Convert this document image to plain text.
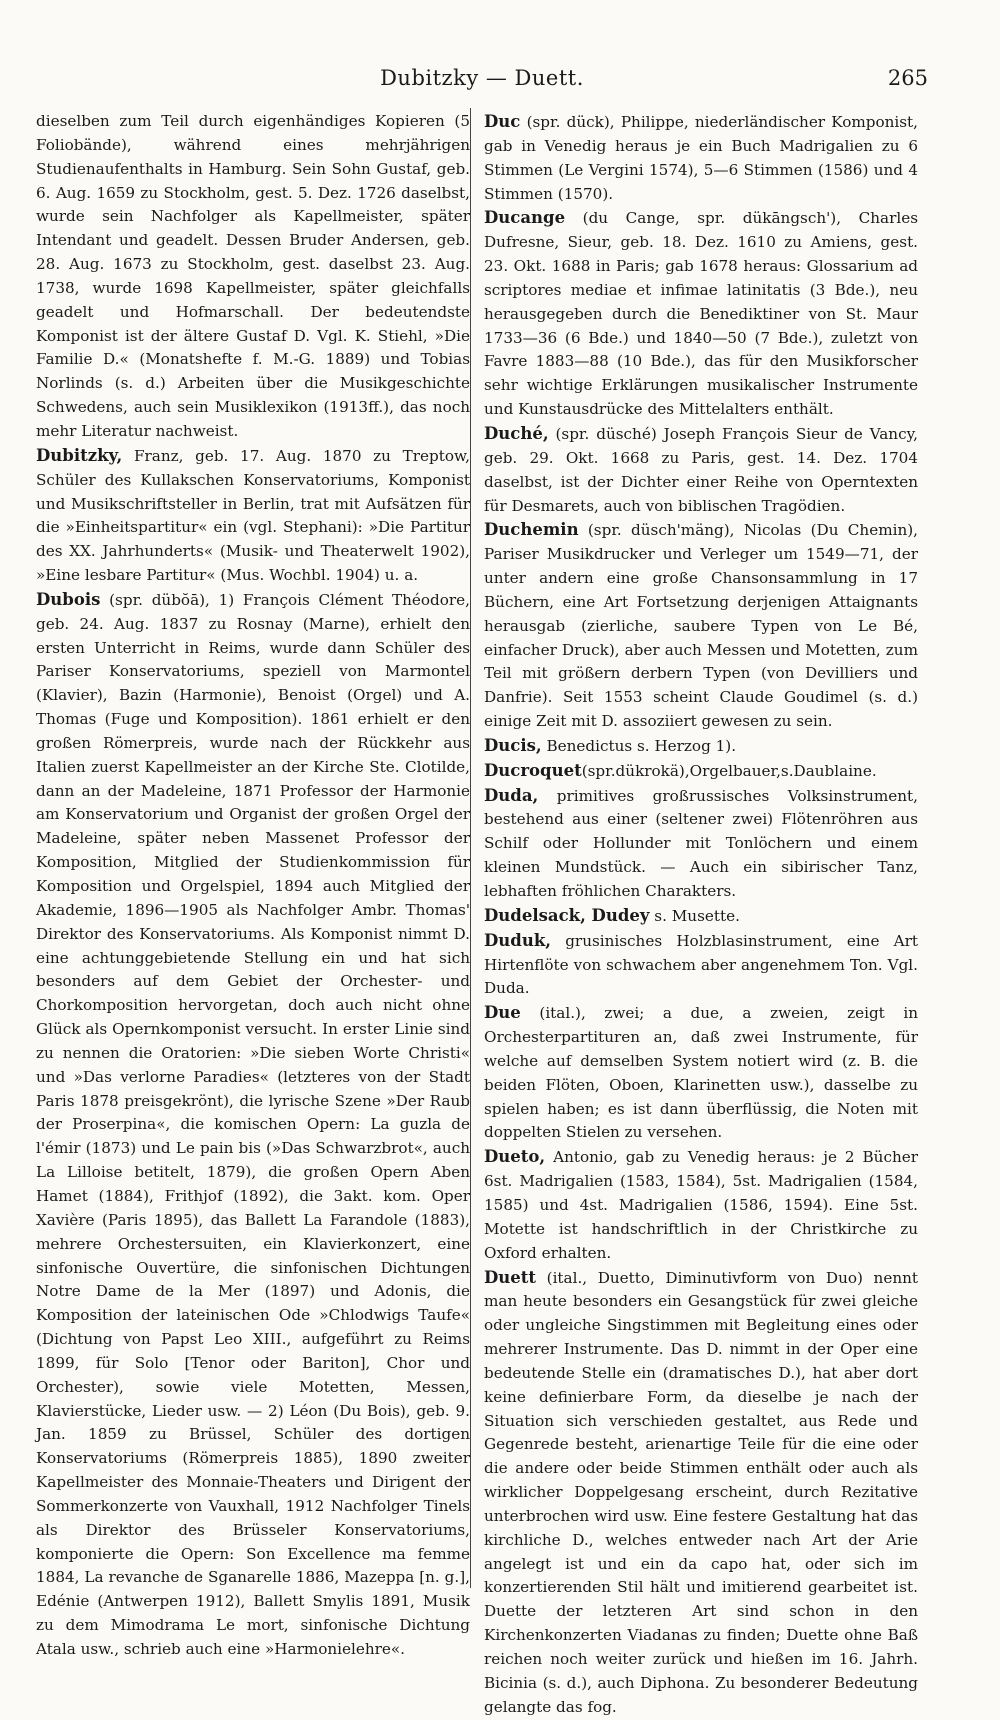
Dubitzky — Duett.	265

dieselben zum Teil durch eigenhändiges Kopieren (5 Foliobände), während eines mehrjährigen Studienaufenthalts in Hamburg. Sein Sohn Gustaf, geb. 6. Aug. 1659 zu Stockholm, gest. 5. Dez. 1726 daselbst, wurde sein Nachfolger als Kapellmeister, später Intendant und geadelt. Dessen Bruder Andersen, geb. 28. Aug. 1673 zu Stockholm, gest. daselbst 23. Aug. 1738, wurde 1698 Kapellmeister, später gleichfalls geadelt und Hofmarschall. Der bedeutendste Komponist ist der ältere Gustaf D. Vgl. K. Stiehl, »Die Familie D.« (Monatshefte f. M.-G. 1889) und Tobias Norlinds (s. d.) Arbeiten über die Musikgeschichte Schwedens, auch sein Musiklexikon (1913ff.), das noch mehr Literatur nachweist.

Dubitzky, Franz, geb. 17. Aug. 1870 zu Treptow, Schüler des Kullakschen Konservatoriums, Komponist und Musikschriftsteller in Berlin, trat mit Aufsätzen für die »Einheitspartitur« ein (vgl. Stephani): »Die Partitur des XX. Jahrhunderts« (Musik- und Theaterwelt 1902), »Eine lesbare Partitur« (Mus. Wochbl. 1904) u. a.

Dubois (spr. dübŏā), 1) François Clément Théodore, geb. 24. Aug. 1837 zu Rosnay (Marne), erhielt den ersten Unterricht in Reims, wurde dann Schüler des Pariser Konservatoriums, speziell von Marmontel (Klavier), Bazin (Harmonie), Benoist (Orgel) und A. Thomas (Fuge und Komposition). 1861 erhielt er den großen Römerpreis, wurde nach der Rückkehr aus Italien zuerst Kapellmeister an der Kirche Ste. Clotilde, dann an der Madeleine, 1871 Professor der Harmonie am Konservatorium und Organist der großen Orgel der Madeleine, später neben Massenet Professor der Komposition, Mitglied der Studienkommission für Komposition und Orgelspiel, 1894 auch Mitglied der Akademie, 1896—1905 als Nachfolger Ambr. Thomas' Direktor des Konservatoriums. Als Komponist nimmt D. eine achtunggebietende Stellung ein und hat sich besonders auf dem Gebiet der Orchester- und Chorkomposition hervorgetan, doch auch nicht ohne Glück als Opernkomponist versucht. In erster Linie sind zu nennen die Oratorien: »Die sieben Worte Christi« und »Das verlorne Paradies« (letzteres von der Stadt Paris 1878 preisgekrönt), die lyrische Szene »Der Raub der Proserpina«, die komischen Opern: La guzla de l'émir (1873) und Le pain bis (»Das Schwarzbrot«, auch La Lilloise betitelt, 1879), die großen Opern Aben Hamet (1884), Frithjof (1892), die 3akt. kom. Oper Xavière (Paris 1895), das Ballett La Farandole (1883), mehrere Orchestersuiten, ein Klavierkonzert, eine sinfonische Ouvertüre, die sinfonischen Dichtungen Notre Dame de la Mer (1897) und Adonis, die Komposition der lateinischen Ode »Chlodwigs Taufe« (Dichtung von Papst Leo XIII., aufgeführt zu Reims 1899, für Solo [Tenor oder Bariton], Chor und Orchester), sowie viele Motetten, Messen, Klavierstücke, Lieder usw. — 2) Léon (Du Bois), geb. 9. Jan. 1859 zu Brüssel, Schüler des dortigen Konservatoriums (Römerpreis 1885), 1890 zweiter Kapellmeister des Monnaie-Theaters und Dirigent der Sommerkonzerte von Vauxhall, 1912 Nachfolger Tinels als Direktor des Brüsseler Konservatoriums, komponierte die Opern: Son Excellence ma femme 1884, La revanche de Sganarelle 1886, Mazeppa [n. g.], Edénie (Antwerpen 1912), Ballett Smylis 1891, Musik zu dem Mimodrama Le mort, sinfonische Dichtung Atala usw., schrieb auch eine »Harmonielehre«.

Duc (spr. dück), Philippe, niederländischer Komponist, gab in Venedig heraus je ein Buch Madrigalien zu 6 Stimmen (Le Vergini 1574), 5—6 Stimmen (1586) und 4 Stimmen (1570).

Ducange (du Cange, spr. dükāngsch'), Charles Dufresne, Sieur, geb. 18. Dez. 1610 zu Amiens, gest. 23. Okt. 1688 in Paris; gab 1678 heraus: Glossarium ad scriptores mediae et infimae latinitatis (3 Bde.), neu herausgegeben durch die Benediktiner von St. Maur 1733—36 (6 Bde.) und 1840—50 (7 Bde.), zuletzt von Favre 1883—88 (10 Bde.), das für den Musikforscher sehr wichtige Erklärungen musikalischer Instrumente und Kunstausdrücke des Mittelalters enthält.

Duché, (spr. düsché) Joseph François Sieur de Vancy, geb. 29. Okt. 1668 zu Paris, gest. 14. Dez. 1704 daselbst, ist der Dichter einer Reihe von Operntexten für Desmarets, auch von biblischen Tragödien.

Duchemin (spr. düsch'mäng), Nicolas (Du Chemin), Pariser Musikdrucker und Verleger um 1549—71, der unter andern eine große Chansonsammlung in 17 Büchern, eine Art Fortsetzung derjenigen Attaignants herausgab (zierliche, saubere Typen von Le Bé, einfacher Druck), aber auch Messen und Motetten, zum Teil mit größern derbern Typen (von Devilliers und Danfrie). Seit 1553 scheint Claude Goudimel (s. d.) einige Zeit mit D. assoziiert gewesen zu sein.

Ducis, Benedictus s. Herzog 1).

Ducroquet(spr.dükrokä),Orgelbauer,s.Daublaine.

Duda, primitives großrussisches Volksinstrument, bestehend aus einer (seltener zwei) Flötenröhren aus Schilf oder Hollunder mit Tonlöchern und einem kleinen Mundstück. — Auch ein sibirischer Tanz, lebhaften fröhlichen Charakters.

Dudelsack, Dudey s. Musette.

Duduk, grusinisches Holzblasinstrument, eine Art Hirtenflöte von schwachem aber angenehmem Ton. Vgl. Duda.

Due (ital.), zwei; a due, a zweien, zeigt in Orchesterpartituren an, daß zwei Instrumente, für welche auf demselben System notiert wird (z. B. die beiden Flöten, Oboen, Klarinetten usw.), dasselbe zu spielen haben; es ist dann überflüssig, die Noten mit doppelten Stielen zu versehen.

Dueto, Antonio, gab zu Venedig heraus: je 2 Bücher 6st. Madrigalien (1583, 1584), 5st. Madrigalien (1584, 1585) und 4st. Madrigalien (1586, 1594). Eine 5st. Motette ist handschriftlich in der Christkirche zu Oxford erhalten.

Duett (ital., Duetto, Diminutivform von Duo) nennt man heute besonders ein Gesangstück für zwei gleiche oder ungleiche Singstimmen mit Begleitung eines oder mehrerer Instrumente. Das D. nimmt in der Oper eine bedeutende Stelle ein (dramatisches D.), hat aber dort keine definierbare Form, da dieselbe je nach der Situation sich verschieden gestaltet, aus Rede und Gegenrede besteht, arienartige Teile für die eine oder die andere oder beide Stimmen enthält oder auch als wirklicher Doppelgesang erscheint, durch Rezitative unterbrochen wird usw. Eine festere Gestaltung hat das kirchliche D., welches entweder nach Art der Arie angelegt ist und ein da capo hat, oder sich im konzertierenden Stil hält und imitierend gearbeitet ist. Duette der letzteren Art sind schon in den Kirchenkonzerten Viadanas zu finden; Duette ohne Baß reichen noch weiter zurück und hießen im 16. Jahrh. Bicinia (s. d.), auch Diphona. Zu besonderer Bedeutung gelangte das fog.
